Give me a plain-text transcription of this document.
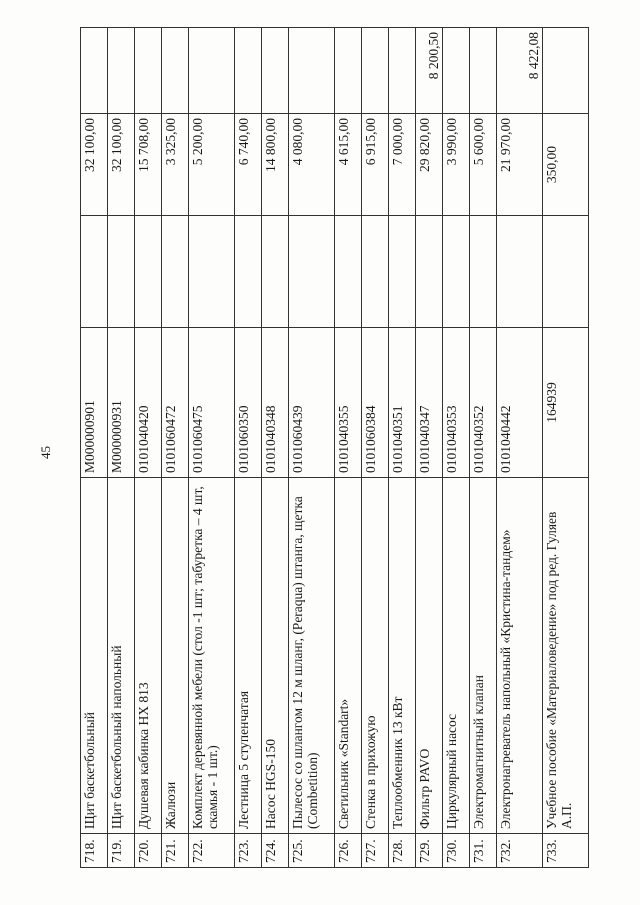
45
718.	Щит баскетбольный	М000000901		32 100,00	
719.	Щит баскетбольный напольный	М000000931		32 100,00	
720.	Душевая кабинка НХ 813	0101040420		15 708,00	
721.	Жалюзи	0101060472		3 325,00	
722.	Комплект деревянной мебели (стол -1 шт; табуретка – 4 шт, скамья - 1 шт.)	0101060475		5 200,00	
723.	Лестница 5 ступенчатая	0101060350		6 740,00	
724.	Насос HGS-150	0101040348		14 800,00	
725.	Пылесос со шлангом 12 м шланг, (Peraqua) штанга, щетка (Combetition)	0101060439		4 080,00	
726.	Светильник «Standart»	0101040355		4 615,00	
727.	Стенка в прихожую	0101060384		6 915,00	
728.	Теплообменник 13 кВт	0101040351		7 000,00	
729.	Фильтр PAVO	0101040347		29 820,00	8 200,50
730.	Циркулярный насос	0101040353		3 990,00	
731.	Электромагнитный клапан	0101040352		5 600,00	
732.	Электронагреватель напольный «Кристина-тандем»	0101040442		21 970,00	8 422,08
733.	Учебное пособие «Материаловедение» под ред. Гуляев А.П.	164939		350,00	
